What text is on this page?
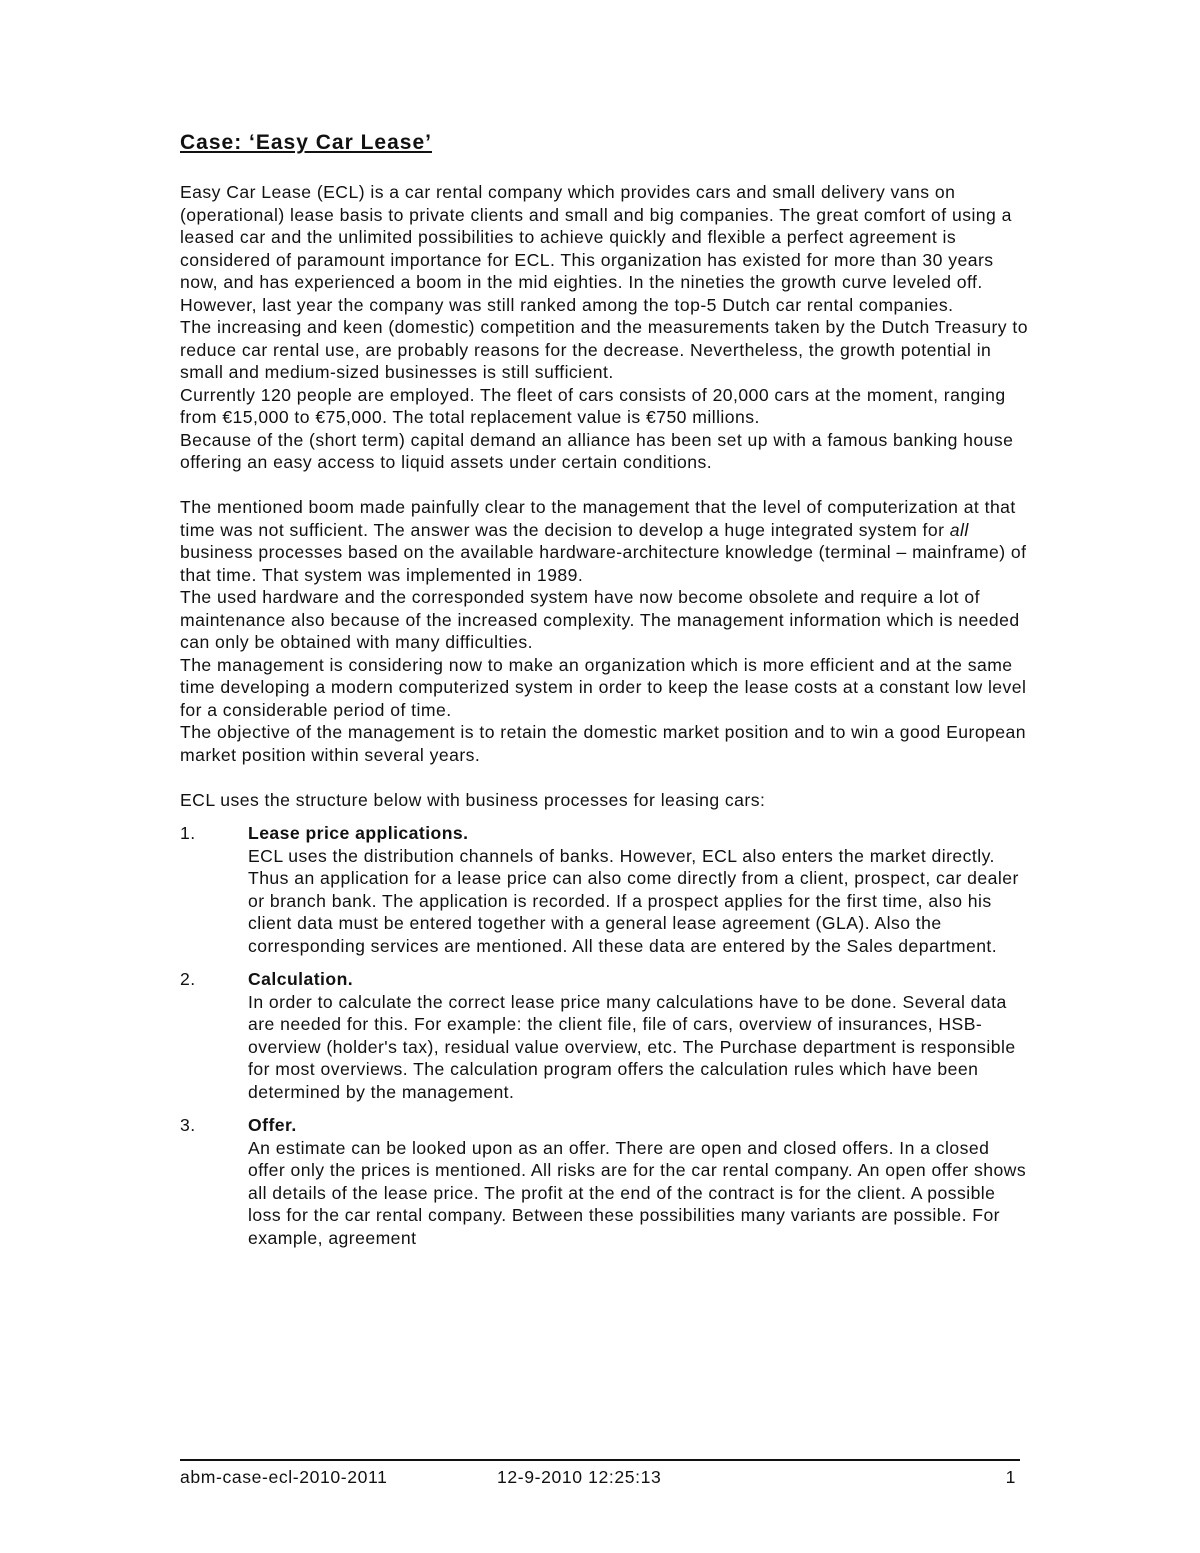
Case: ‘Easy Car Lease’

Easy Car Lease (ECL) is a car rental company which provides cars and small delivery vans on (operational) lease basis to private clients and small and big companies. The great comfort of using a leased car and the unlimited possibilities to achieve quickly and flexible a perfect agreement is considered of paramount importance for ECL. This organization has existed for more than 30 years now, and has experienced a boom in the mid eighties. In the nineties the growth curve leveled off. However, last year the company was still ranked among the top-5 Dutch car rental companies.

The increasing and keen (domestic) competition and the measurements taken by the Dutch Treasury to reduce car rental use, are probably reasons for the decrease. Nevertheless, the growth potential in small and medium-sized businesses is still sufficient.

Currently 120 people are employed. The fleet of cars consists of 20,000 cars at the moment, ranging from €15,000 to €75,000. The total replacement value is €750 millions.

Because of the (short term) capital demand an alliance has been set up with a famous banking house offering an easy access to liquid assets under certain conditions.

The mentioned boom made painfully clear to the management that the level of computerization at that time was not sufficient. The answer was the decision to develop a huge integrated system for all business processes based on the available hardware-architecture knowledge (terminal – mainframe) of that time. That system was implemented in 1989.

The used hardware and the corresponded system have now become obsolete and require a lot of maintenance also because of the increased complexity. The management information which is needed can only be obtained with many difficulties.

The management is considering now to make an organization which is more efficient and at the same time developing a modern computerized system in order to keep the lease costs at a constant low level for a considerable period of time.

The objective of the management is to retain the domestic market position and to win a good European market position within several years.

ECL uses the structure below with business processes for leasing cars:

1.	Lease price applications.
ECL uses the distribution channels of banks. However, ECL also enters the market directly. Thus an application for a lease price can also come directly from a client, prospect, car dealer or branch bank. The application is recorded. If a prospect applies for the first time, also his client data must be entered together with a general lease agreement (GLA). Also the corresponding services are mentioned. All these data are entered by the Sales department.
2.	Calculation.
In order to calculate the correct lease price many calculations have to be done. Several data are needed for this. For example: the client file, file of cars, overview of insurances, HSB-overview (holder's tax), residual value overview, etc. The Purchase department is responsible for most overviews. The calculation program offers the calculation rules which have been determined by the management.
3.	Offer.
An estimate can be looked upon as an offer. There are open and closed offers. In a closed offer only the prices is mentioned. All risks are for the car rental company. An open offer shows all details of the lease price. The profit at the end of the contract is for the client. A possible loss for the car rental company. Between these possibilities many variants are possible. For example, agreement
abm-case-ecl-2010-2011	12-9-2010 12:25:13	1
